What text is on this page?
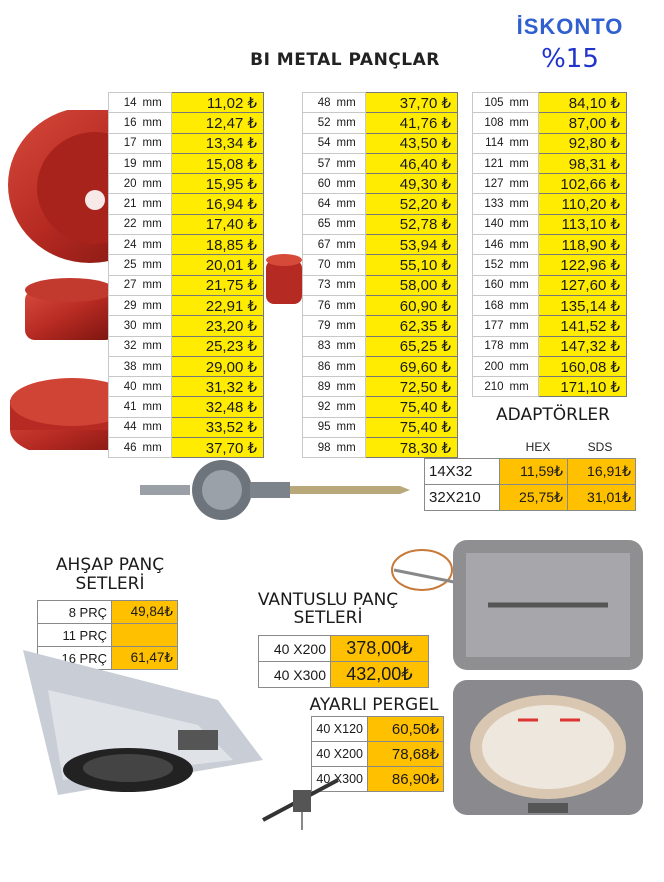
İSKONTO
%15
BI METAL PANÇLAR
14	mm	11,02 ₺
16	mm	12,47 ₺
17	mm	13,34 ₺
19	mm	15,08 ₺
20	mm	15,95 ₺
21	mm	16,94 ₺
22	mm	17,40 ₺
24	mm	18,85 ₺
25	mm	20,01 ₺
27	mm	21,75 ₺
29	mm	22,91 ₺
30	mm	23,20 ₺
32	mm	25,23 ₺
38	mm	29,00 ₺
40	mm	31,32 ₺
41	mm	32,48 ₺
44	mm	33,52 ₺
46	mm	37,70 ₺
48	mm	37,70 ₺
52	mm	41,76 ₺
54	mm	43,50 ₺
57	mm	46,40 ₺
60	mm	49,30 ₺
64	mm	52,20 ₺
65	mm	52,78 ₺
67	mm	53,94 ₺
70	mm	55,10 ₺
73	mm	58,00 ₺
76	mm	60,90 ₺
79	mm	62,35 ₺
83	mm	65,25 ₺
86	mm	69,60 ₺
89	mm	72,50 ₺
92	mm	75,40 ₺
95	mm	75,40 ₺
98	mm	78,30 ₺
105	mm	84,10 ₺
108	mm	87,00 ₺
114	mm	92,80 ₺
121	mm	98,31 ₺
127	mm	102,66 ₺
133	mm	110,20 ₺
140	mm	113,10 ₺
146	mm	118,90 ₺
152	mm	122,96 ₺
160	mm	127,60 ₺
168	mm	135,14 ₺
177	mm	141,52 ₺
178	mm	147,32 ₺
200	mm	160,08 ₺
210	mm	171,10 ₺
ADAPTÖRLER
HEX	SDS
14X32	11,59₺	16,91₺
32X210	25,75₺	31,01₺
AHŞAP PANÇ
SETLERİ
8 PRÇ	49,84₺
11 PRÇ	
16 PRÇ	61,47₺
VANTUSLU PANÇ
SETLERİ
40 X200	378,00₺
40 X300	432,00₺
AYARLI PERGEL
40 X120	60,50₺
40 X200	78,68₺
40 X300	86,90₺
